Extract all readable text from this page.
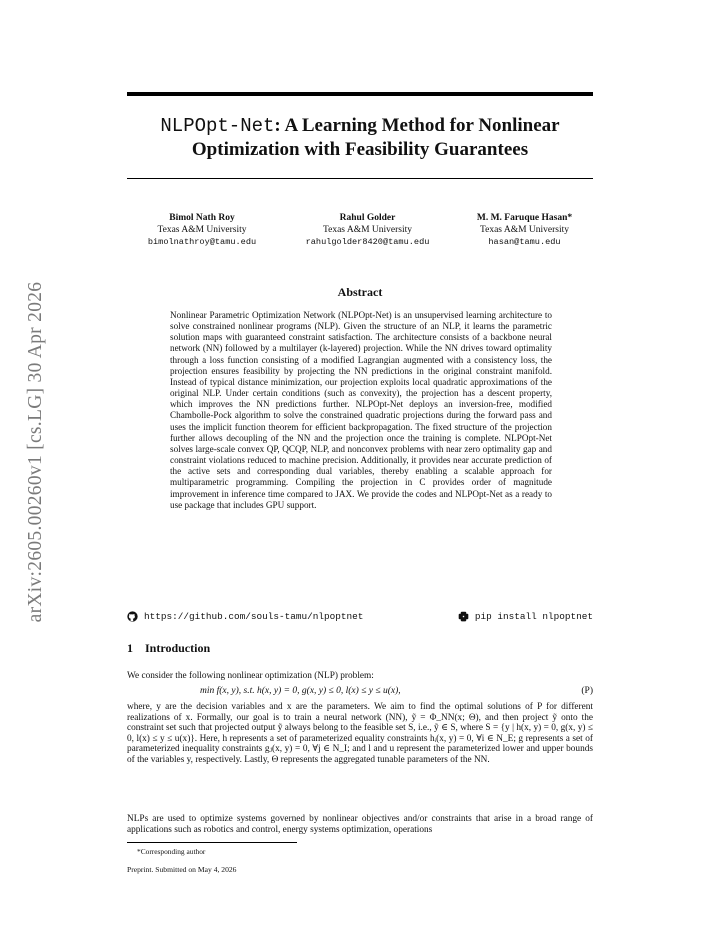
arXiv:2605.00260v1 [cs.LG] 30 Apr 2026
NLPOpt-Net: A Learning Method for Nonlinear Optimization with Feasibility Guarantees
Bimol Nath Roy
Texas A&M University
bimolnathroy@tamu.edu
Rahul Golder
Texas A&M University
rahulgolder8420@tamu.edu
M. M. Faruque Hasan*
Texas A&M University
hasan@tamu.edu
Abstract

Nonlinear Parametric Optimization Network (NLPOpt-Net) is an unsupervised learning architecture to solve constrained nonlinear programs (NLP). Given the structure of an NLP, it learns the parametric solution maps with guaranteed constraint satisfaction. The architecture consists of a backbone neural network (NN) followed by a multilayer (k-layered) projection. While the NN drives toward optimality through a loss function consisting of a modified Lagrangian augmented with a consistency loss, the projection ensures feasibility by projecting the NN predictions in the original constraint manifold. Instead of typical distance minimization, our projection exploits local quadratic approximations of the original NLP. Under certain conditions (such as convexity), the projection has a descent property, which improves the NN predictions further. NLPOpt-Net deploys an inversion-free, modified Chambolle-Pock algorithm to solve the constrained quadratic projections during the forward pass and uses the implicit function theorem for efficient backpropagation. The fixed structure of the projection further allows decoupling of the NN and the projection once the training is complete. NLPOpt-Net solves large-scale convex QP, QCQP, NLP, and nonconvex problems with near zero optimality gap and constraint violations reduced to machine precision. Additionally, it provides near accurate prediction of the active sets and corresponding dual variables, thereby enabling a scalable approach for multiparametric programming. Compiling the projection in C provides order of magnitude improvement in inference time compared to JAX. We provide the codes and NLPOpt-Net as a ready to use package that includes GPU support.

https://github.com/souls-tamu/nlpoptnet	pip install nlpoptnet
1 Introduction

We consider the following nonlinear optimization (NLP) problem:

min f(x, y), s.t. h(x, y) = 0, g(x, y) ≤ 0, l(x) ≤ y ≤ u(x),	(P)

where, y are the decision variables and x are the parameters. We aim to find the optimal solutions of P for different realizations of x. Formally, our goal is to train a neural network (NN), ỹ = Φ_NN(x; Θ), and then project ỹ onto the constraint set such that projected output ỹ always belong to the feasible set S, i.e., ỹ ∈ S, where S = {y | h(x, y) = 0, g(x, y) ≤ 0, l(x) ≤ y ≤ u(x)}. Here, h represents a set of parameterized equality constraints hᵢ(x, y) = 0, ∀i ∈ N_E; g represents a set of parameterized inequality constraints gⱼ(x, y) = 0, ∀j ∈ N_I; and l and u represent the parameterized lower and upper bounds of the variables y, respectively. Lastly, Θ represents the aggregated tunable parameters of the NN.

NLPs are used to optimize systems governed by nonlinear objectives and/or constraints that arise in a broad range of applications such as robotics and control, energy systems optimization, operations

*Corresponding author

Preprint. Submitted on May 4, 2026
